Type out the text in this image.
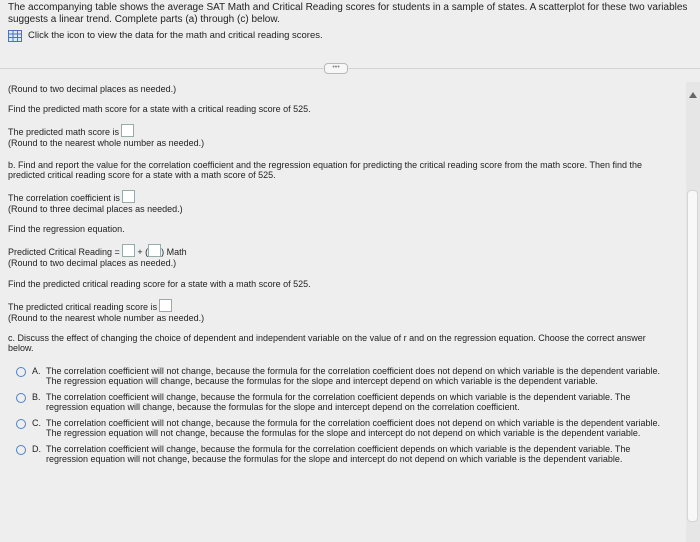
The accompanying table shows the average SAT Math and Critical Reading scores for students in a sample of states. A scatterplot for these two variables suggests a linear trend. Complete parts (a) through (c) below.
Click the icon to view the data for the math and critical reading scores.
•••
(Round to two decimal places as needed.)
Find the predicted math score for a state with a critical reading score of 525.
The predicted math score is
(Round to the nearest whole number as needed.)
b. Find and report the value for the correlation coefficient and the regression equation for predicting the critical reading score from the math score. Then find the predicted critical reading score for a state with a math score of 525.
The correlation coefficient is
(Round to three decimal places as needed.)
Find the regression equation.
Predicted Critical Reading = + ( ) Math
(Round to two decimal places as needed.)
Find the predicted critical reading score for a state with a math score of 525.
The predicted critical reading score is
(Round to the nearest whole number as needed.)
c. Discuss the effect of changing the choice of dependent and independent variable on the value of r and on the regression equation. Choose the correct answer below.
A. The correlation coefficient will not change, because the formula for the correlation coefficient does not depend on which variable is the dependent variable. The regression equation will change, because the formulas for the slope and intercept depend on which variable is the dependent variable.
B. The correlation coefficient will change, because the formula for the correlation coefficient depends on which variable is the dependent variable. The regression equation will change, because the formulas for the slope and intercept depend on the correlation coefficient.
C. The correlation coefficient will not change, because the formula for the correlation coefficient does not depend on which variable is the dependent variable. The regression equation will not change, because the formulas for the slope and intercept do not depend on which variable is the dependent variable.
D. The correlation coefficient will change, because the formula for the correlation coefficient depends on which variable is the dependent variable. The regression equation will not change, because the formulas for the slope and intercept do not depend on which variable is the dependent variable.
